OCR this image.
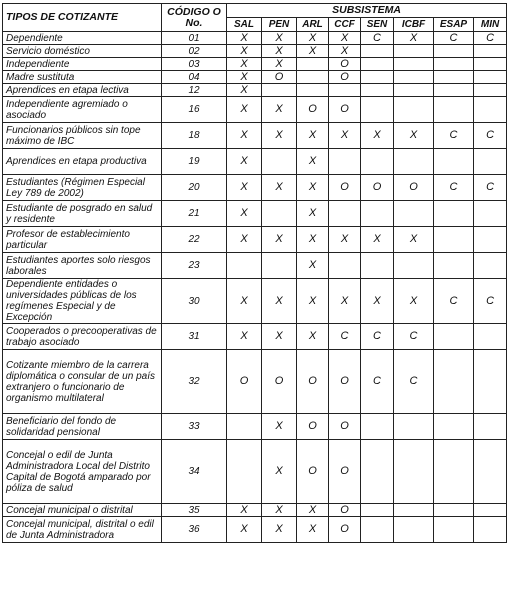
TIPOS DE COTIZANTE	CÓDIGO O No.	SUBSISTEMA							
		SAL	PEN	ARL	CCF	SEN	ICBF	ESAP	MIN
Dependiente	01	X	X	X	X	C	X	C	C
Servicio doméstico	02	X	X	X	X				
Independiente	03	X	X		O				
Madre sustituta	04	X	O		O				
Aprendices en etapa lectiva	12	X							
Independiente agremiado o asociado	16	X	X	O	O				
Funcionarios públicos sin tope máximo de IBC	18	X	X	X	X	X	X	C	C
Aprendices en etapa productiva	19	X		X					
Estudiantes (Régimen Especial Ley 789 de 2002)	20	X	X	X	O	O	O	C	C
Estudiante de posgrado en salud y residente	21	X		X					
Profesor de establecimiento particular	22	X	X	X	X	X	X		
Estudiantes aportes solo riesgos laborales	23			X					
Dependiente entidades o universidades públicas de los regímenes Especial y de Excepción	30	X	X	X	X	X	X	C	C
Cooperados o precooperativas de trabajo asociado	31	X	X	X	C	C	C		
Cotizante miembro de la carrera diplomática o consular de un país extranjero o funcionario de organismo multilateral	32	O	O	O	O	C	C		
Beneficiario del fondo de solidaridad pensional	33		X	O	O				
Concejal o edil de Junta Administradora Local del Distrito Capital de Bogotá amparado por póliza de salud	34		X	O	O				
Concejal municipal o distrital	35	X	X	X	O				
Concejal municipal, distrital o edil de Junta Administradora	36	X	X	X	O				
